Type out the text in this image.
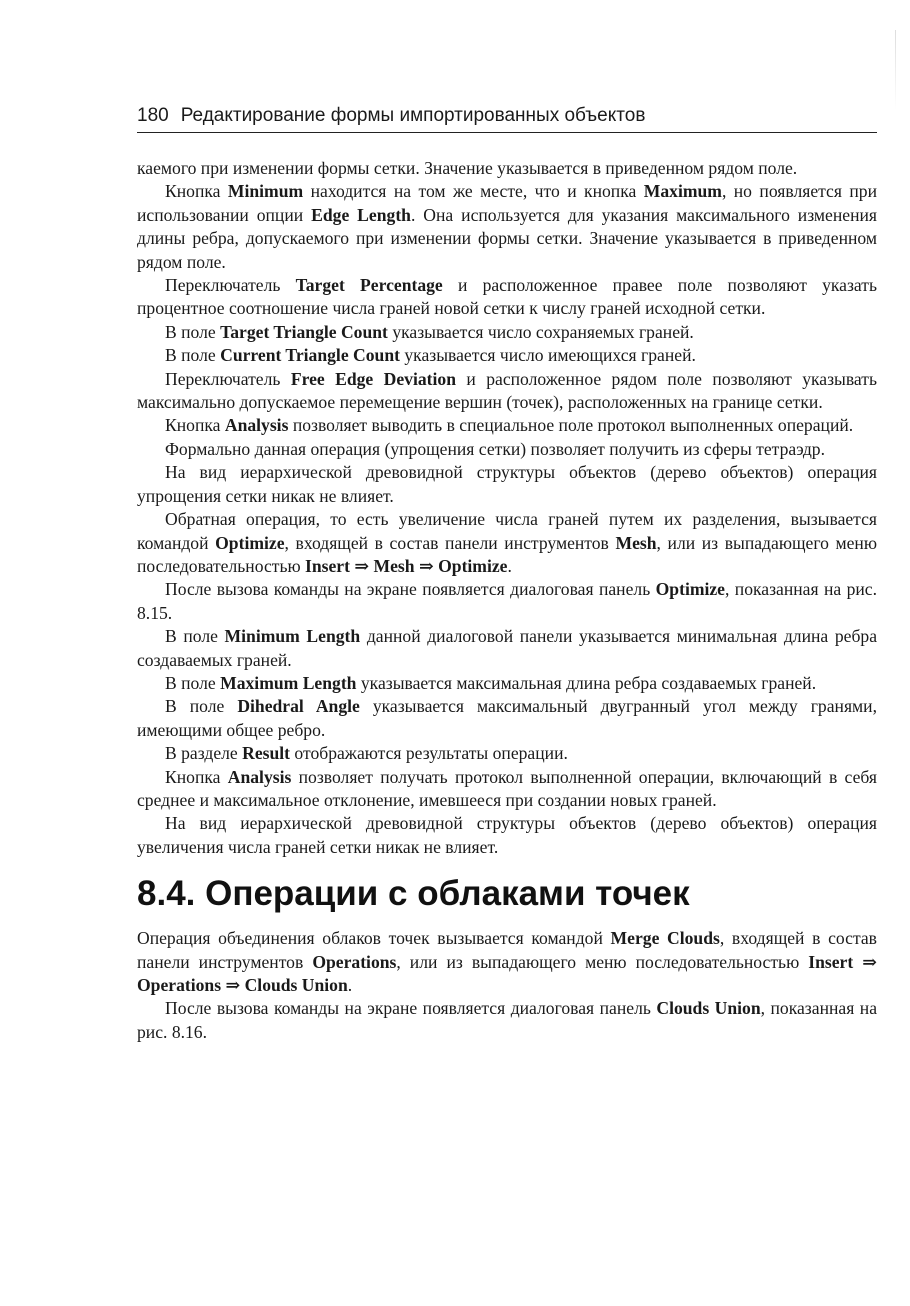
180 Редактирование формы импортированных объектов

каемого при изменении формы сетки. Значение указывается в приведенном рядом поле.

Кнопка Minimum находится на том же месте, что и кнопка Maximum, но появляется при использовании опции Edge Length. Она используется для указания максимального изменения длины ребра, допускаемого при изменении формы сетки. Значение указывается в приведенном рядом поле.

Переключатель Target Percentage и расположенное правее поле позволяют указать процентное соотношение числа граней новой сетки к числу граней исходной сетки.

В поле Target Triangle Count указывается число сохраняемых граней.

В поле Current Triangle Count указывается число имеющихся граней.

Переключатель Free Edge Deviation и расположенное рядом поле позволяют указывать максимально допускаемое перемещение вершин (точек), расположенных на границе сетки.

Кнопка Analysis позволяет выводить в специальное поле протокол выполненных операций.

Формально данная операция (упрощения сетки) позволяет получить из сферы тетраэдр.

На вид иерархической древовидной структуры объектов (дерево объектов) операция упрощения сетки никак не влияет.

Обратная операция, то есть увеличение числа граней путем их разделения, вызывается командой Optimize, входящей в состав панели инструментов Mesh, или из выпадающего меню последовательностью Insert ⇒ Mesh ⇒ Optimize.

После вызова команды на экране появляется диалоговая панель Optimize, показанная на рис. 8.15.

В поле Minimum Length данной диалоговой панели указывается минимальная длина ребра создаваемых граней.

В поле Maximum Length указывается максимальная длина ребра создаваемых граней.

В поле Dihedral Angle указывается максимальный двугранный угол между гранями, имеющими общее ребро.

В разделе Result отображаются результаты операции.

Кнопка Analysis позволяет получать протокол выполненной операции, включающий в себя среднее и максимальное отклонение, имевшееся при создании новых граней.

На вид иерархической древовидной структуры объектов (дерево объектов) операция увеличения числа граней сетки никак не влияет.

8.4. Операции с облаками точек

Операция объединения облаков точек вызывается командой Merge Clouds, входящей в состав панели инструментов Operations, или из выпадающего меню последовательностью Insert ⇒ Operations ⇒ Clouds Union.

После вызова команды на экране появляется диалоговая панель Clouds Union, показанная на рис. 8.16.
